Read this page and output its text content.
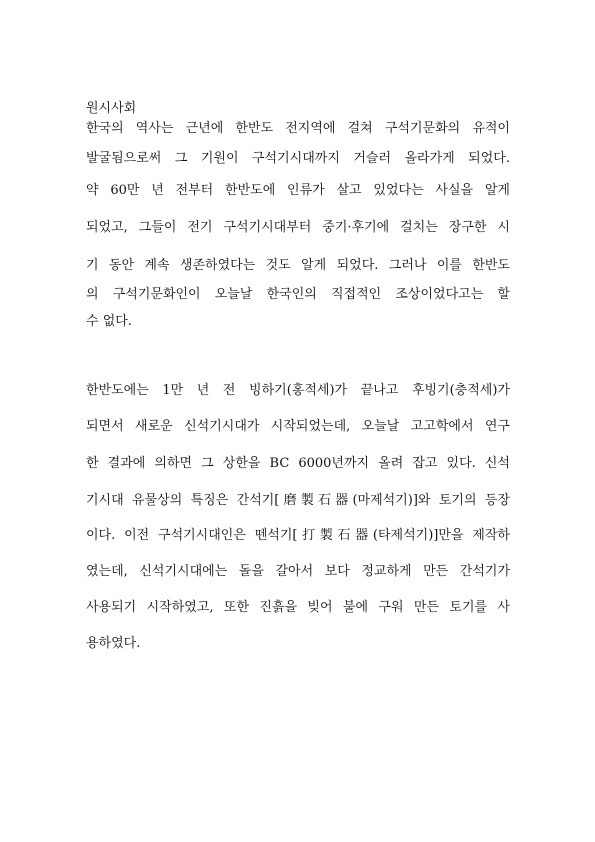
원시사회
한국의 역사는 근년에 한반도 전지역에 걸쳐 구석기문화의 유적이
발굴됨으로써 그 기원이 구석기시대까지 거슬러 올라가게 되었다.
약 60만 년 전부터 한반도에 인류가 살고 있었다는 사실을 알게
되었고, 그들이 전기 구석기시대부터 중기·후기에 걸치는 장구한 시
기 동안 계속 생존하였다는 것도 알게 되었다. 그러나 이를 한반도
의 구석기문화인이 오늘날 한국인의 직접적인 조상이었다고는 할
수 없다.
한반도에는 1만 년 전 빙하기(홍적세)가 끝나고 후빙기(충적세)가
되면서 새로운 신석기시대가 시작되었는데, 오늘날 고고학에서 연구
한 결과에 의하면 그 상한을 BC 6000년까지 올려 잡고 있다. 신석
기시대 유물상의 특징은 간석기[磨製石器(마제석기)]와 토기의 등장
이다. 이전 구석기시대인은 뗀석기[打製石器(타제석기)]만을 제작하
였는데, 신석기시대에는 돌을 갈아서 보다 정교하게 만든 간석기가
사용되기 시작하였고, 또한 진흙을 빚어 불에 구워 만든 토기를 사
용하였다.
